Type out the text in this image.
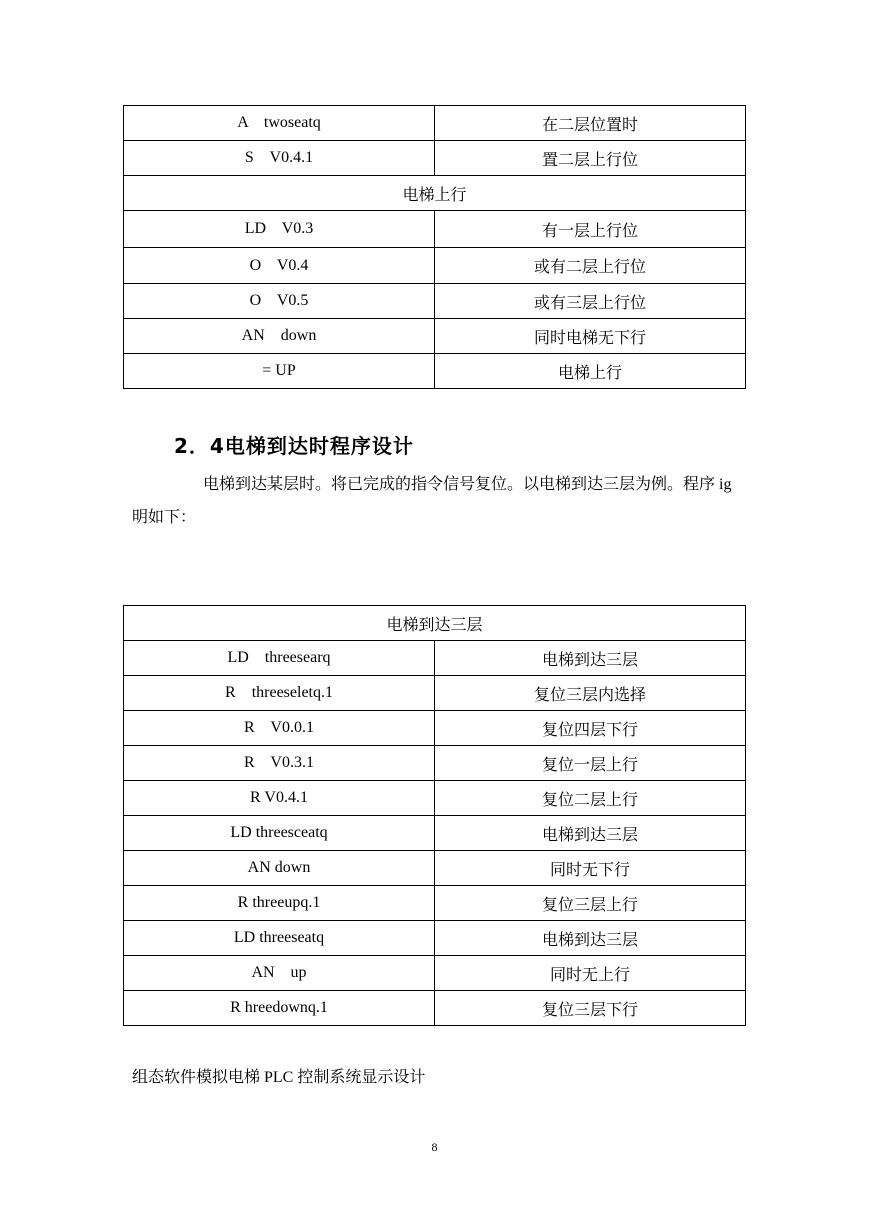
A    twoseatq	在二层位置时
S    V0.4.1	置二层上行位
电梯上行	
LD    V0.3	有一层上行位
O    V0.4	或有二层上行位
O    V0.5	或有三层上行位
AN    down	同时电梯无下行
= UP	电梯上行
2．4电梯到达时程序设计
电梯到达某层时。将已完成的指令信号复位。以电梯到达三层为例。程序 ig 明如下：
电梯到达三层	
LD    threesearq	电梯到达三层
R    threeseletq.1	复位三层内选择
R    V0.0.1	复位四层下行
R    V0.3.1	复位一层上行
R V0.4.1	复位二层上行
LD threesceatq	电梯到达三层
AN down	同时无下行
R threeupq.1	复位三层上行
LD threeseatq	电梯到达三层
AN    up	同时无上行
R hreedownq.1	复位三层下行
组态软件模拟电梯 PLC 控制系统显示设计
8
